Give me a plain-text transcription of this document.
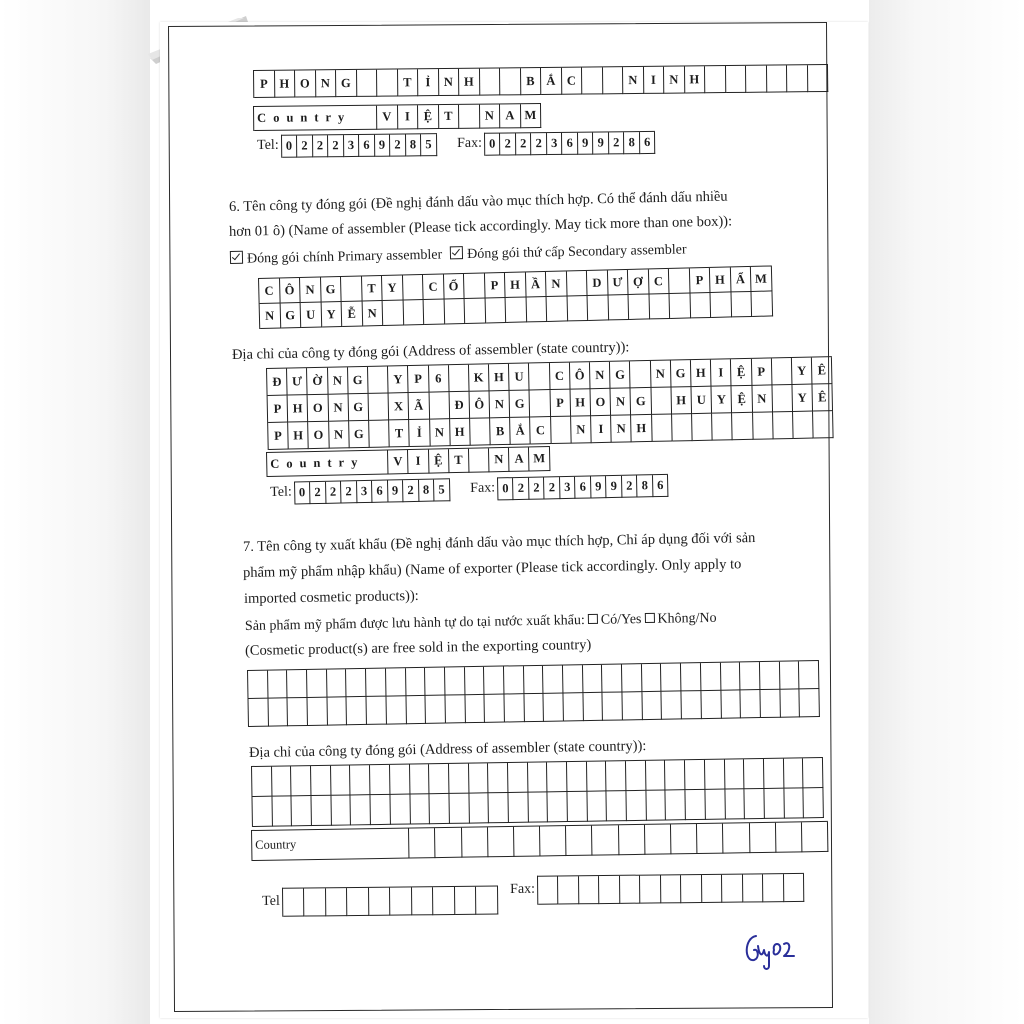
P H O N G	T	Ỉ	N H	B Ắ C	N	I	N H
Country	V	I	Ệ T	N A M
Tel: 0 2 2 2 3 6 9 2 8 5	Fax: 0 2 2 2 3 6 9 9 2 8 6
6. Tên công ty đóng gói (Đề nghị đánh dấu vào mục thích hợp. Có thể đánh dấu nhiều
hơn 01 ô) (Name of assembler (Please tick accordingly. May tick more than one box)):
Đóng gói chính Primary assembler Đóng gói thứ cấp Secondary assembler
C Ô N G	T Y	C Ổ	P H Ầ N	D Ư Ợ C	P H Ẩ M
N G U Y Ễ N
Địa chỉ của công ty đóng gói (Address of assembler (state country)):
Đ Ư Ờ N G	Y P	6	K H U	C Ô N G	N G H	I	Ệ P	Y Ê
P H O N G	X Ã	Đ Ô N G	P H O N G	H U Y Ệ N	Y Ê
P H O N G	T	Ỉ	N H	B Ắ C	N	I	N H
Country	V	I	Ệ T	N A M
Tel: 0 2 2 2 3 6 9 2 8 5	Fax: 0 2 2 2 3 6 9 9 2 8 6
7. Tên công ty xuất khẩu (Đề nghị đánh dấu vào mục thích hợp, Chỉ áp dụng đối với sản
phẩm mỹ phẩm nhập khẩu) (Name of exporter (Please tick accordingly. Only apply to
imported cosmetic products)):
Sản phẩm mỹ phẩm được lưu hành tự do tại nước xuất khẩu: Có/Yes Không/No
(Cosmetic product(s) are free sold in the exporting country)
Địa chỉ của công ty đóng gói (Address of assembler (state country)):
Country
Tel
Fax:
